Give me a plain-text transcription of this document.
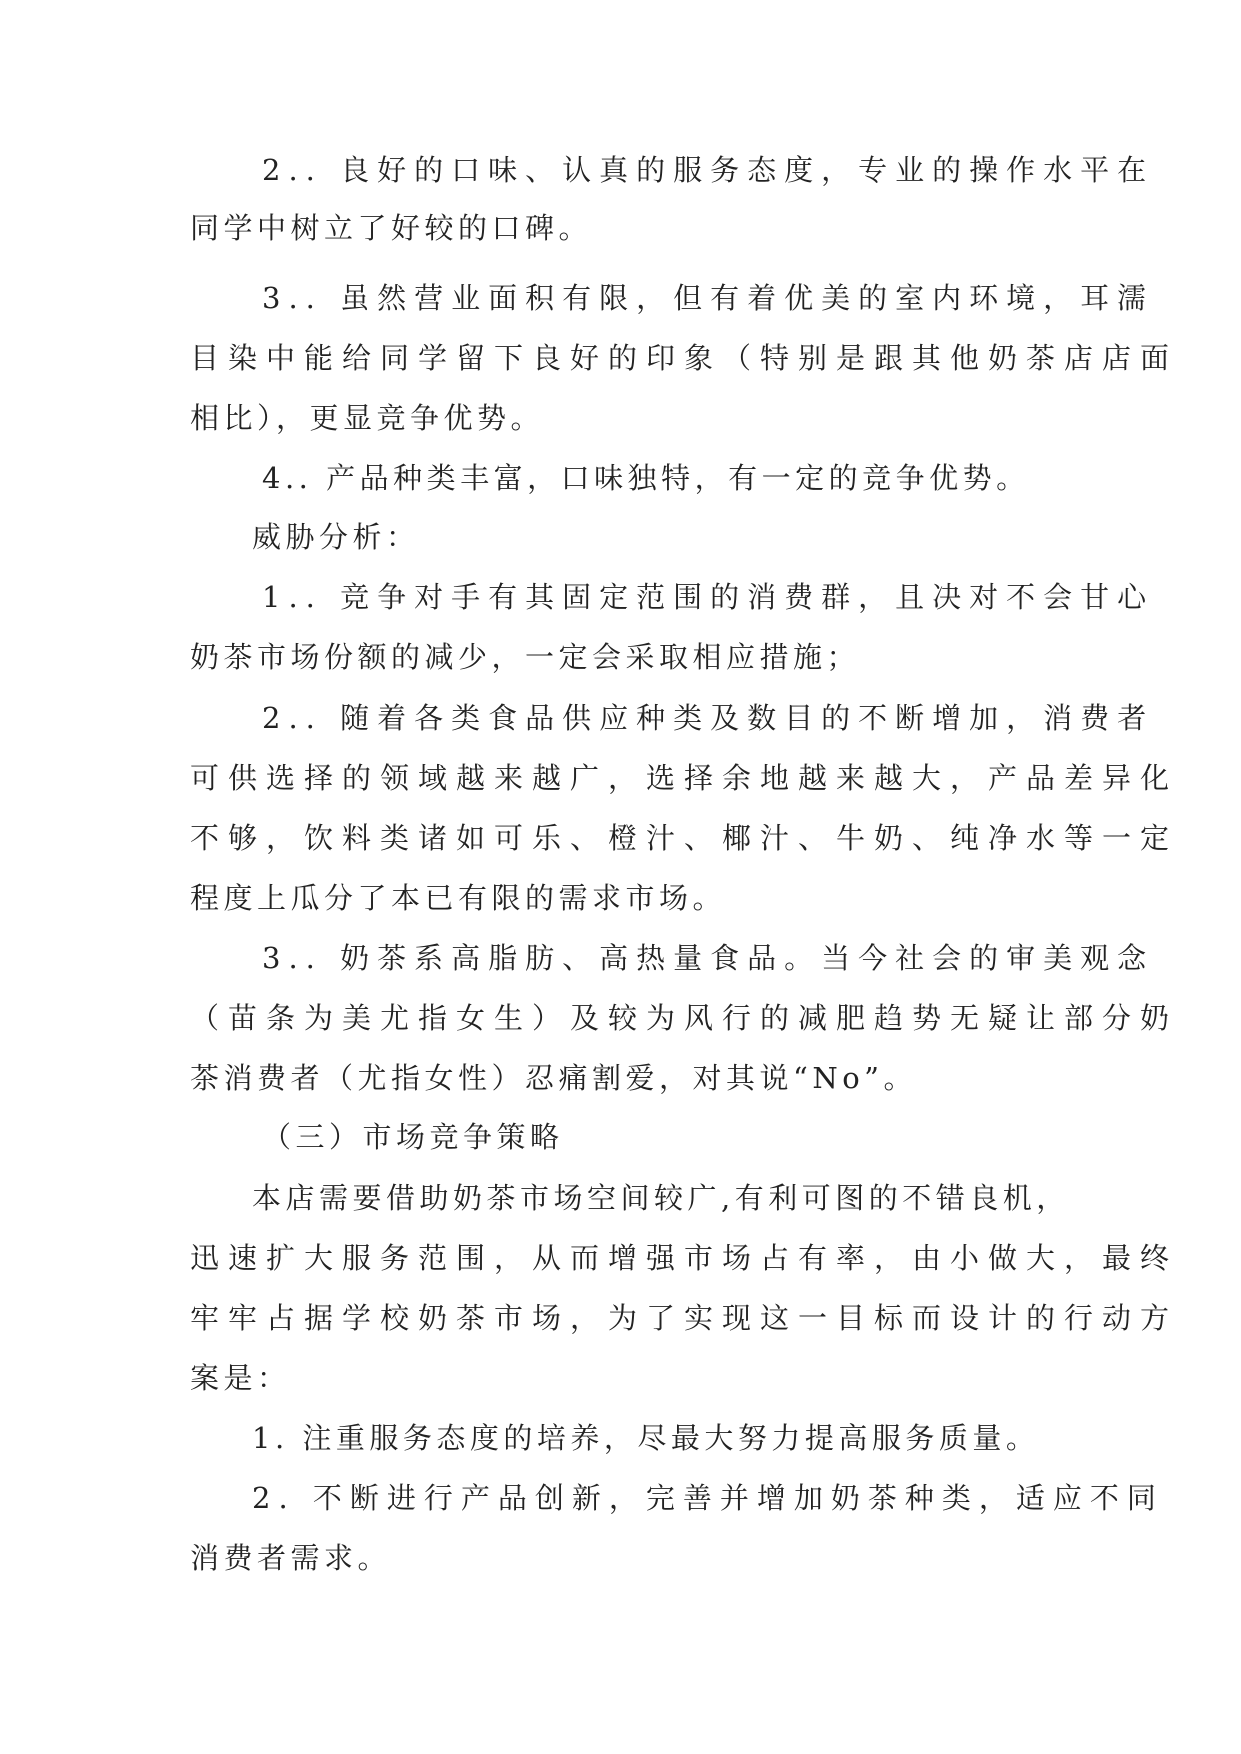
2.. 良好的口味、认真的服务态度，专业的操作水平在

同学中树立了好较的口碑。

3.. 虽然营业面积有限，但有着优美的室内环境，耳濡

目染中能给同学留下良好的印象（特别是跟其他奶茶店店面

相比），更显竞争优势。

4.. 产品种类丰富，口味独特，有一定的竞争优势。

威胁分析：

1.. 竞争对手有其固定范围的消费群，且决对不会甘心

奶茶市场份额的减少，一定会采取相应措施；

2.. 随着各类食品供应种类及数目的不断增加，消费者

可供选择的领域越来越广，选择余地越来越大，产品差异化

不够，饮料类诸如可乐、橙汁、椰汁、牛奶、纯净水等一定

程度上瓜分了本已有限的需求市场。

3.. 奶茶系高脂肪、高热量食品。当今社会的审美观念

（苗条为美尤指女生）及较为风行的减肥趋势无疑让部分奶

茶消费者（尤指女性）忍痛割爱，对其说“No”。

（三）市场竞争策略

本店需要借助奶茶市场空间较广,有利可图的不错良机，

迅速扩大服务范围，从而增强市场占有率，由小做大，最终

牢牢占据学校奶茶市场，为了实现这一目标而设计的行动方

案是：

1. 注重服务态度的培养，尽最大努力提高服务质量。

2. 不断进行产品创新，完善并增加奶茶种类，适应不同

消费者需求。
